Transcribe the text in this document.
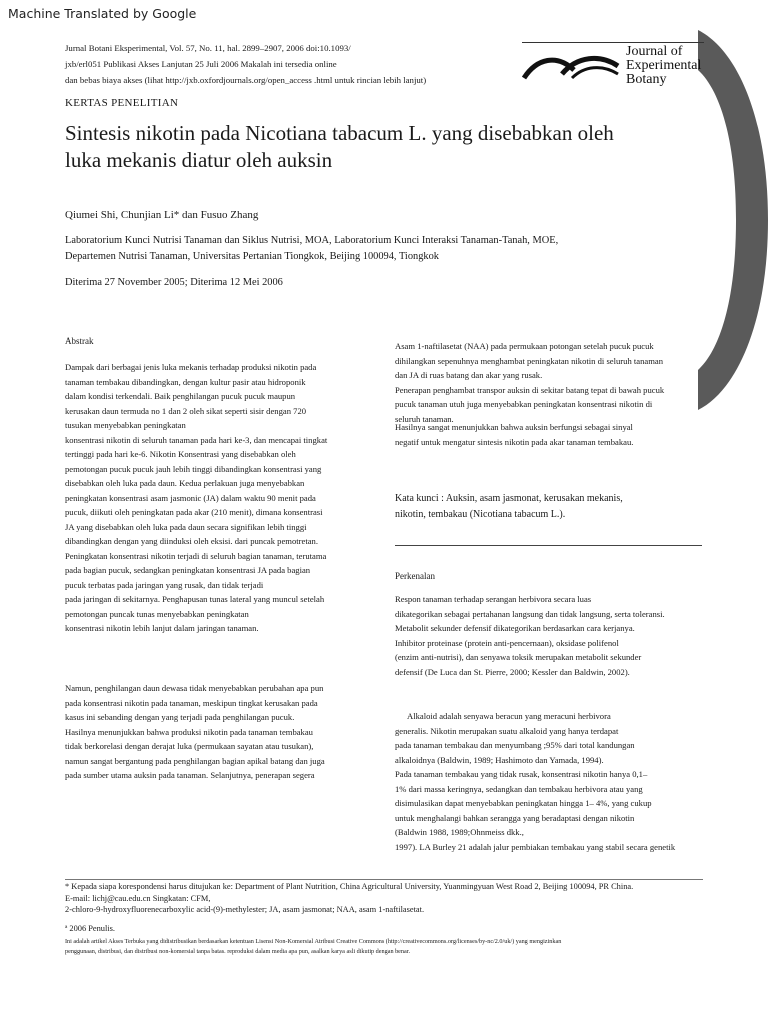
Machine Translated by Google
Jurnal Botani Eksperimental, Vol. 57, No. 11, hal. 2899–2907, 2006 doi:10.1093/
jxb/erl051 Publikasi Akses Lanjutan 25 Juli 2006 Makalah ini tersedia online
dan bebas biaya akses (lihat http://jxb.oxfordjournals.org/open_access .html untuk rincian lebih lanjut)
Journal of
Experimental
Botany
KERTAS PENELITIAN
Sintesis nikotin pada Nicotiana tabacum L. yang disebabkan oleh
luka mekanis diatur oleh auksin
Qiumei Shi, Chunjian Li* dan Fusuo Zhang
Laboratorium Kunci Nutrisi Tanaman dan Siklus Nutrisi, MOA, Laboratorium Kunci Interaksi Tanaman-Tanah, MOE,
Departemen Nutrisi Tanaman, Universitas Pertanian Tiongkok, Beijing 100094, Tiongkok
Diterima 27 November 2005; Diterima 12 Mei 2006
Abstrak
Dampak dari berbagai jenis luka mekanis terhadap produksi nikotin pada
tanaman tembakau dibandingkan, dengan kultur pasir atau hidroponik
dalam kondisi terkendali. Baik penghilangan pucuk pucuk maupun
kerusakan daun termuda no 1 dan 2 oleh sikat seperti sisir dengan 720
tusukan menyebabkan peningkatan
konsentrasi nikotin di seluruh tanaman pada hari ke-3, dan mencapai tingkat
tertinggi pada hari ke-6. Nikotin Konsentrasi yang disebabkan oleh
pemotongan pucuk pucuk jauh lebih tinggi dibandingkan konsentrasi yang
disebabkan oleh luka pada daun. Kedua perlakuan juga menyebabkan
peningkatan konsentrasi asam jasmonic (JA) dalam waktu 90 menit pada
pucuk, diikuti oleh peningkatan pada akar (210 menit), dimana konsentrasi
JA yang disebabkan oleh luka pada daun secara signifikan lebih tinggi
dibandingkan dengan yang diinduksi oleh eksisi. dari puncak pemotretan.
Peningkatan konsentrasi nikotin terjadi di seluruh bagian tanaman, terutama
pada bagian pucuk, sedangkan peningkatan konsentrasi JA pada bagian
pucuk terbatas pada jaringan yang rusak, dan tidak terjadi
pada jaringan di sekitarnya. Penghapusan tunas lateral yang muncul setelah
pemotongan puncak tunas menyebabkan peningkatan
konsentrasi nikotin lebih lanjut dalam jaringan tanaman.
Namun, penghilangan daun dewasa tidak menyebabkan perubahan apa pun
pada konsentrasi nikotin pada tanaman, meskipun tingkat kerusakan pada
kasus ini sebanding dengan yang terjadi pada penghilangan pucuk.
Hasilnya menunjukkan bahwa produksi nikotin pada tanaman tembakau
tidak berkorelasi dengan derajat luka (permukaan sayatan atau tusukan),
namun sangat bergantung pada penghilangan bagian apikal batang dan juga
pada sumber utama auksin pada tanaman. Selanjutnya, penerapan segera
Asam 1-naftilasetat (NAA) pada permukaan potongan setelah pucuk pucuk
dihilangkan sepenuhnya menghambat peningkatan nikotin di seluruh tanaman
dan JA di ruas batang dan akar yang rusak.
Penerapan penghambat transpor auksin di sekitar batang tepat di bawah pucuk
pucuk tanaman utuh juga menyebabkan peningkatan konsentrasi nikotin di
seluruh tanaman.
Hasilnya sangat menunjukkan bahwa auksin berfungsi sebagai sinyal
negatif untuk mengatur sintesis nikotin pada akar tanaman tembakau.
Kata kunci : Auksin, asam jasmonat, kerusakan mekanis,
nikotin, tembakau (Nicotiana tabacum L.).
Perkenalan
Respon tanaman terhadap serangan herbivora secara luas
dikategorikan sebagai pertahanan langsung dan tidak langsung, serta toleransi.
Metabolit sekunder defensif dikategorikan berdasarkan cara kerjanya.
Inhibitor proteinase (protein anti-pencernaan), oksidase polifenol
(enzim anti-nutrisi), dan senyawa toksik merupakan metabolit sekunder
defensif (De Luca dan St. Pierre, 2000; Kessler dan Baldwin, 2002).
Alkaloid adalah senyawa beracun yang meracuni herbivora
generalis. Nikotin merupakan suatu alkaloid yang hanya terdapat
pada tanaman tembakau dan menyumbang ;95% dari total kandungan
alkaloidnya (Baldwin, 1989; Hashimoto dan Yamada, 1994).
Pada tanaman tembakau yang tidak rusak, konsentrasi nikotin hanya 0,1–
1% dari massa keringnya, sedangkan dan tembakau herbivora atau yang
disimulasikan dapat menyebabkan peningkatan hingga 1– 4%, yang cukup
untuk menghalangi bahkan serangga yang beradaptasi dengan nikotin
(Baldwin 1988, 1989;Ohnmeiss dkk.,
1997). LA Burley 21 adalah jalur pembiakan tembakau yang stabil secara genetik
* Kepada siapa korespondensi harus ditujukan ke: Department of Plant Nutrition, China Agricultural University, Yuanmingyuan West Road 2, Beijing 100094, PR China.
E-mail: lichj@cau.edu.cn Singkatan: CFM,
2-chloro-9-hydroxyfluorenecarboxylic acid-(9)-methylester; JA, asam jasmonat; NAA, asam 1-naftilasetat.
ª 2006 Penulis.
Ini adalah artikel Akses Terbuka yang didistribusikan berdasarkan ketentuan Lisensi Non-Komersial Atribusi Creative Commons (http://creativecommons.org/licenses/by-nc/2.0/uk/) yang mengizinkan
penggunaan, distribusi, dan distribusi non-komersial tanpa batas. reproduksi dalam media apa pun, asalkan karya asli dikutip dengan benar.
